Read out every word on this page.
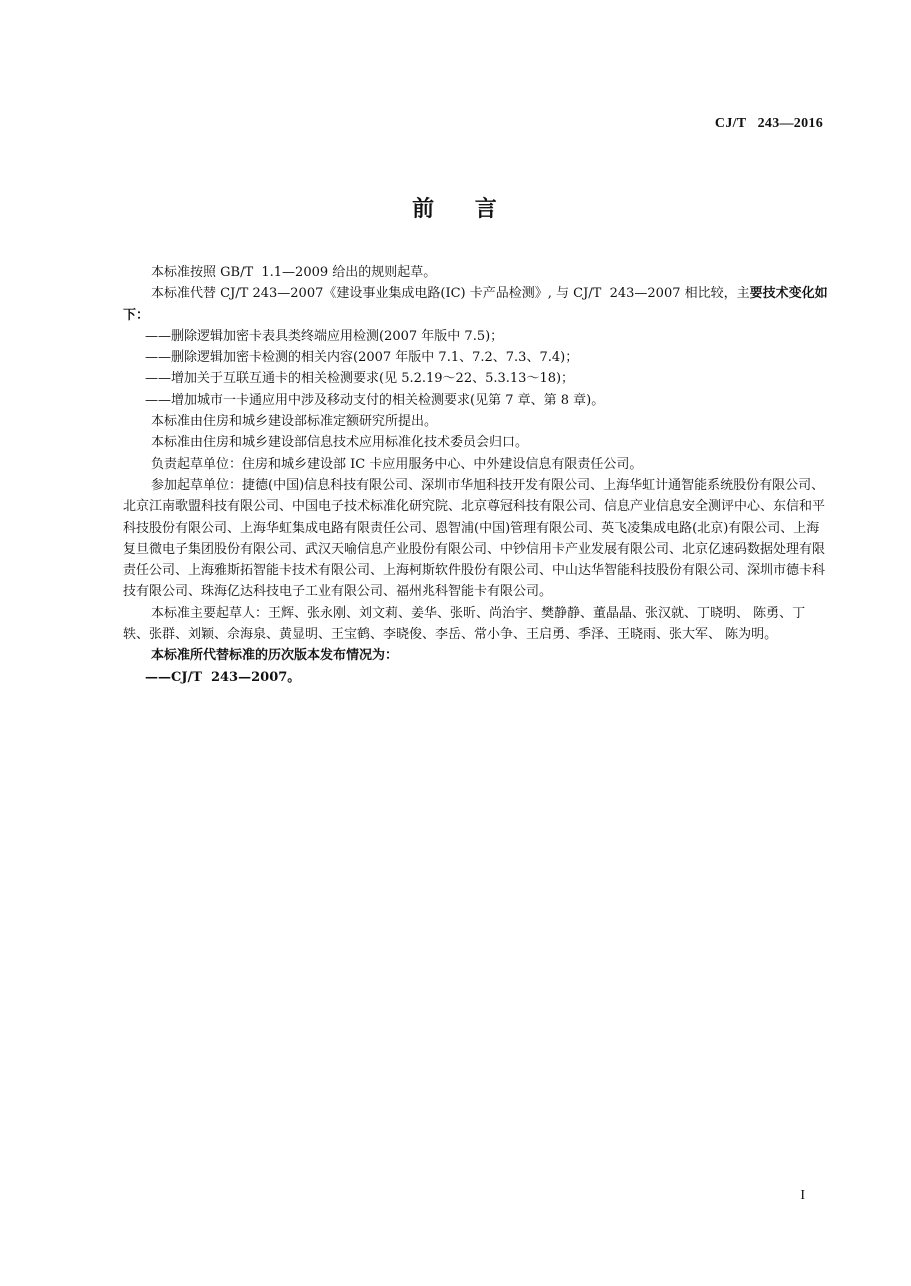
CJ/T   243—2016
前    言

本标准按照 GB/T  1.1—2009 给出的规则起草。

本标准代替 CJ/T 243—2007《建设事业集成电路(IC) 卡产品检测》, 与 CJ/T  243—2007 相比较，主要技术变化如下：

——删除逻辑加密卡表具类终端应用检测(2007 年版中 7.5)；

——删除逻辑加密卡检测的相关内容(2007 年版中 7.1、7.2、7.3、7.4)；

——增加关于互联互通卡的相关检测要求(见 5.2.19～22、5.3.13～18)；

——增加城市一卡通应用中涉及移动支付的相关检测要求(见第 7 章、第 8 章)。

本标准由住房和城乡建设部标准定额研究所提出。

本标准由住房和城乡建设部信息技术应用标准化技术委员会归口。

负责起草单位：住房和城乡建设部 IC 卡应用服务中心、中外建设信息有限责任公司。

参加起草单位：捷德(中国)信息科技有限公司、深圳市华旭科技开发有限公司、上海华虹计通智能系统股份有限公司、北京江南歌盟科技有限公司、中国电子技术标准化研究院、北京尊冠科技有限公司、信息产业信息安全测评中心、东信和平科技股份有限公司、上海华虹集成电路有限责任公司、恩智浦(中国)管理有限公司、英飞凌集成电路(北京)有限公司、上海复旦微电子集团股份有限公司、武汉天喻信息产业股份有限公司、中钞信用卡产业发展有限公司、北京亿速码数据处理有限责任公司、上海雅斯拓智能卡技术有限公司、上海柯斯软件股份有限公司、中山达华智能科技股份有限公司、深圳市德卡科技有限公司、珠海亿达科技电子工业有限公司、福州兆科智能卡有限公司。

本标准主要起草人：王辉、张永刚、刘文莉、姜华、张昕、尚治宇、樊静静、董晶晶、张汉就、丁晓明、 陈勇、丁轶、张群、刘颖、佘海泉、黄显明、王宝鹤、李晓俊、李岳、常小争、王启勇、季泽、王晓雨、张大军、 陈为明。

本标准所代替标准的历次版本发布情况为：

——CJ/T  243—2007。

I
